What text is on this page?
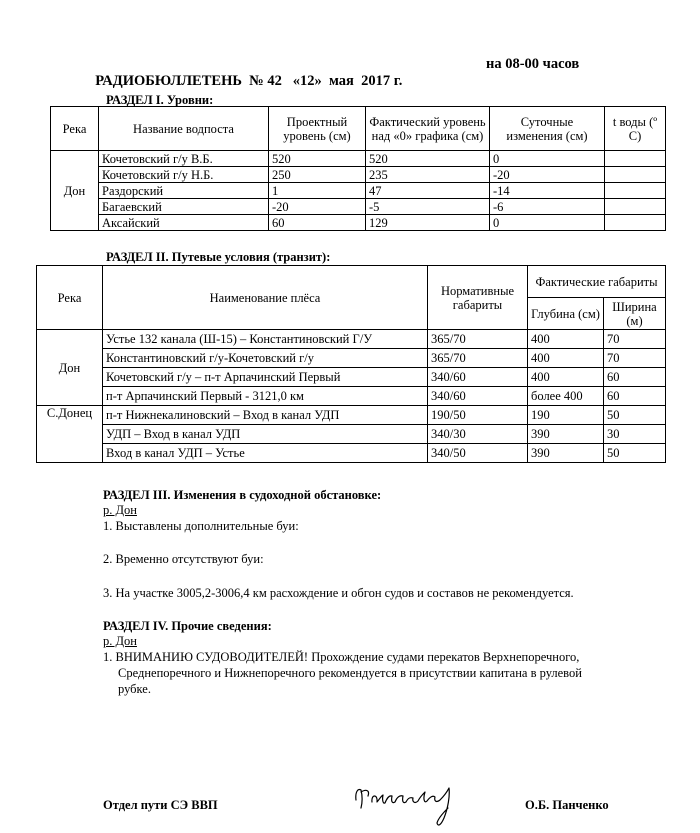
РАДИОБЮЛЛЕТЕНЬ  № 42   «12»  мая  2017 г.

на 08-00 часов

РАЗДЕЛ I. Уровни:
Река	Название водпоста	Проектный уровень (см)	Фактический уровень над «0» графика (см)	Суточные изменения (см)	t воды (º С)
Дон	Кочетовский г/у В.Б.	520	520	0	
	Кочетовский г/у Н.Б.	250	235	-20	
	Раздорский	1	47	-14	
	Багаевский	-20	-5	-6	
	Аксайский	60	129	0	
РАЗДЕЛ II. Путевые условия (транзит):
Река	Наименование плёса	Нормативные габариты	Фактические габариты	
			Глубина (см)	Ширина (м)
Дон	Устье 132 канала (Ш-15) – Константиновский Г/У	365/70	400	70
	Константиновский г/у-Кочетовский г/у	365/70	400	70
	Кочетовский г/у – п-т Арпачинский Первый	340/60	400	60
	п-т Арпачинский Первый - 3121,0 км	340/60	более 400	60
С.Донец	п-т Нижнекалиновский – Вход в канал УДП	190/50	190	50
	УДП – Вход в канал УДП	340/30	390	30
	Вход в канал УДП – Устье	340/50	390	50
РАЗДЕЛ III. Изменения в судоходной обстановке:
р. Дон
1. Выставлены дополнительные буи:
2. Временно отсутствуют буи:
3. На участке 3005,2-3006,4 км расхождение и обгон судов и составов не рекомендуется.
РАЗДЕЛ IV. Прочие сведения:
р. Дон
1. ВНИМАНИЮ СУДОВОДИТЕЛЕЙ! Прохождение судами перекатов Верхнепоречного,
Среднепоречного и Нижнепоречного рекомендуется в присутствии капитана в рулевой
рубке.
Отдел пути СЭ ВВП	О.Б. Панченко
